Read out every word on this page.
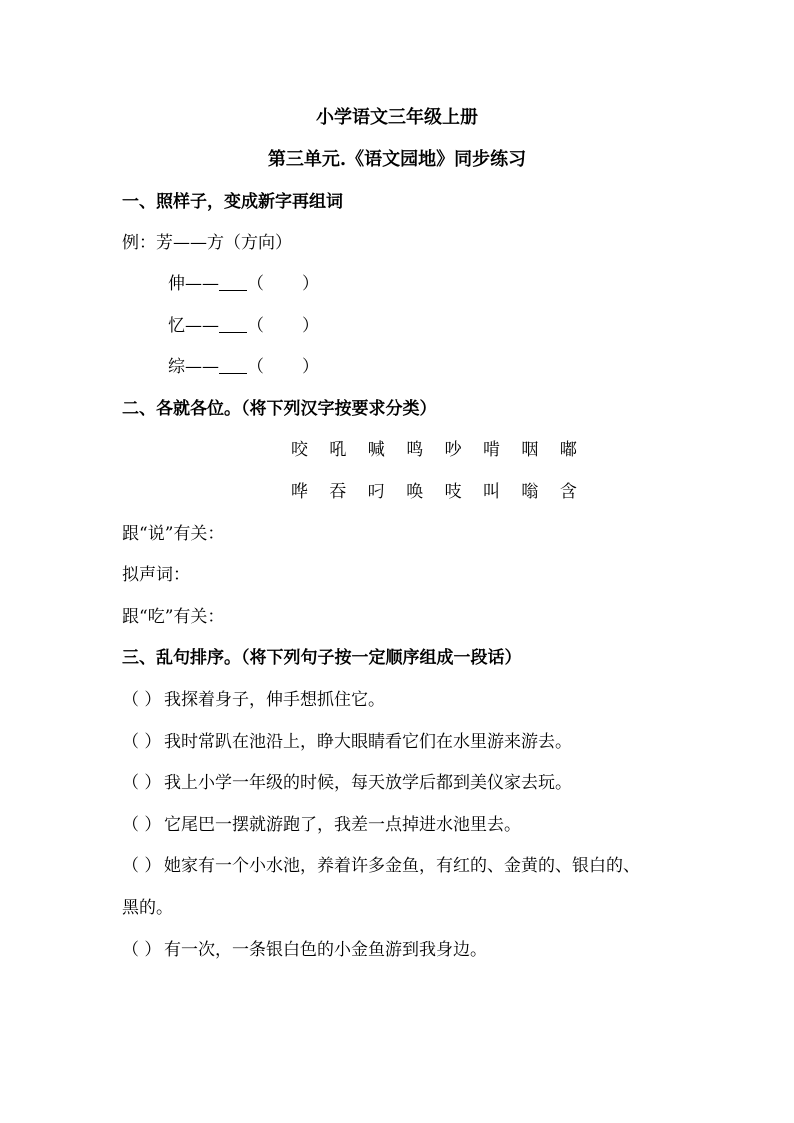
小学语文三年级上册
第三单元.《语文园地》同步练习
一、照样子，变成新字再组词
例：芳——方（方向）
伸—— （ ）
忆—— （ ）
综—— （ ）
二、各就各位。（将下列汉字按要求分类）
咬 吼 喊 鸣 吵 啃 咽 嘟
哗 吞 叼 唤 吱 叫 嗡 含
跟“说”有关：
拟声词：
跟“吃”有关：
三、乱句排序。（将下列句子按一定顺序组成一段话）
（ ） 我探着身子，伸手想抓住它。
（ ） 我时常趴在池沿上，睁大眼睛看它们在水里游来游去。
（ ） 我上小学一年级的时候，每天放学后都到美仪家去玩。
（ ） 它尾巴一摆就游跑了，我差一点掉进水池里去。
（ ） 她家有一个小水池，养着许多金鱼，有红的、金黄的、银白的、
黑的。
（ ） 有一次，一条银白色的小金鱼游到我身边。
